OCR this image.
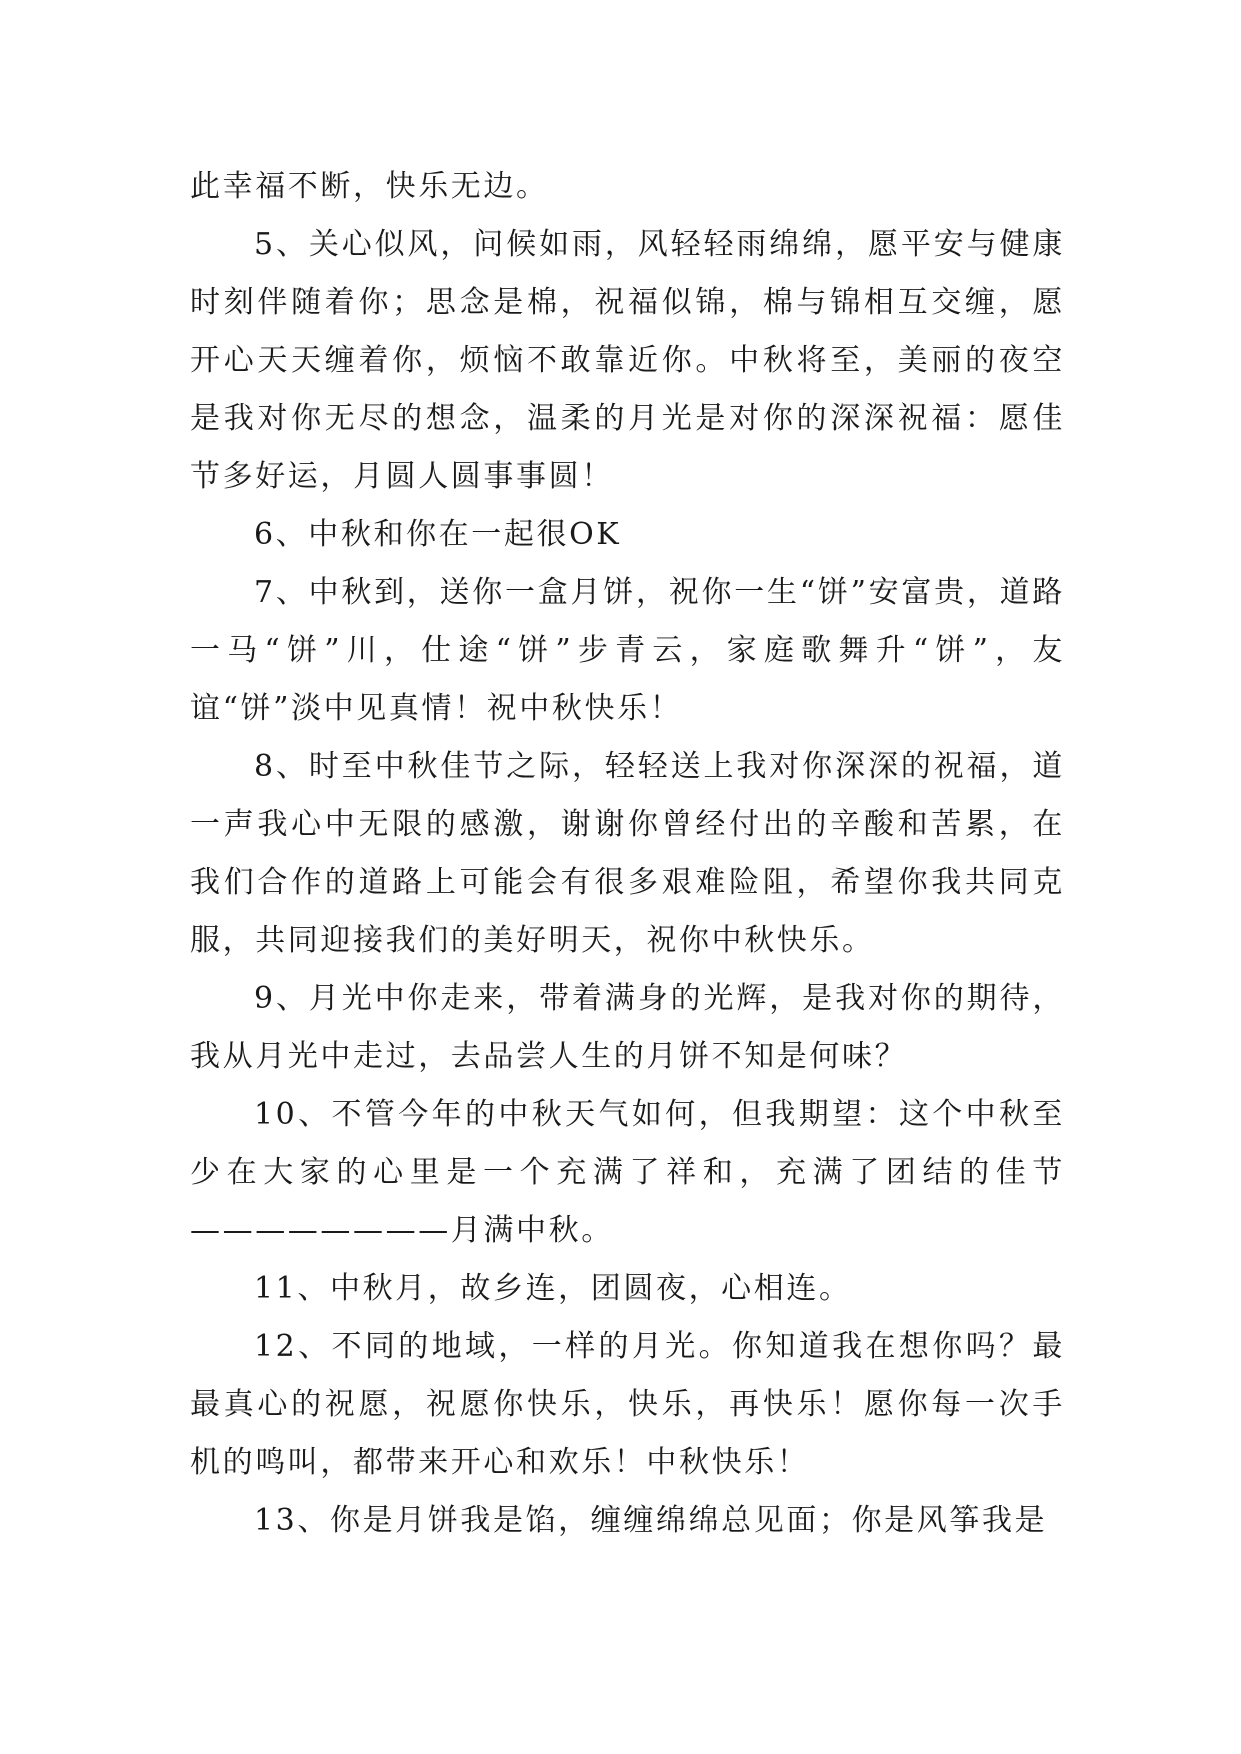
此幸福不断，快乐无边。

5、关心似风，问候如雨，风轻轻雨绵绵，愿平安与健康时刻伴随着你；思念是棉，祝福似锦，棉与锦相互交缠，愿开心天天缠着你，烦恼不敢靠近你。中秋将至，美丽的夜空是我对你无尽的想念，温柔的月光是对你的深深祝福：愿佳节多好运，月圆人圆事事圆！

6、中秋和你在一起很OK

7、中秋到，送你一盒月饼，祝你一生“饼”安富贵，道路一马“饼”川，仕途“饼”步青云，家庭歌舞升“饼”，友谊“饼”淡中见真情！祝中秋快乐！

8、时至中秋佳节之际，轻轻送上我对你深深的祝福，道一声我心中无限的感激，谢谢你曾经付出的辛酸和苦累，在我们合作的道路上可能会有很多艰难险阻，希望你我共同克服，共同迎接我们的美好明天，祝你中秋快乐。

9、月光中你走来，带着满身的光辉，是我对你的期待，我从月光中走过，去品尝人生的月饼不知是何味？

10、不管今年的中秋天气如何，但我期望：这个中秋至少在大家的心里是一个充满了祥和，充满了团结的佳节————————月满中秋。

11、中秋月，故乡连，团圆夜，心相连。

12、不同的地域，一样的月光。你知道我在想你吗？最最真心的祝愿，祝愿你快乐，快乐，再快乐！愿你每一次手机的鸣叫，都带来开心和欢乐！中秋快乐！

13、你是月饼我是馅，缠缠绵绵总见面；你是风筝我是
